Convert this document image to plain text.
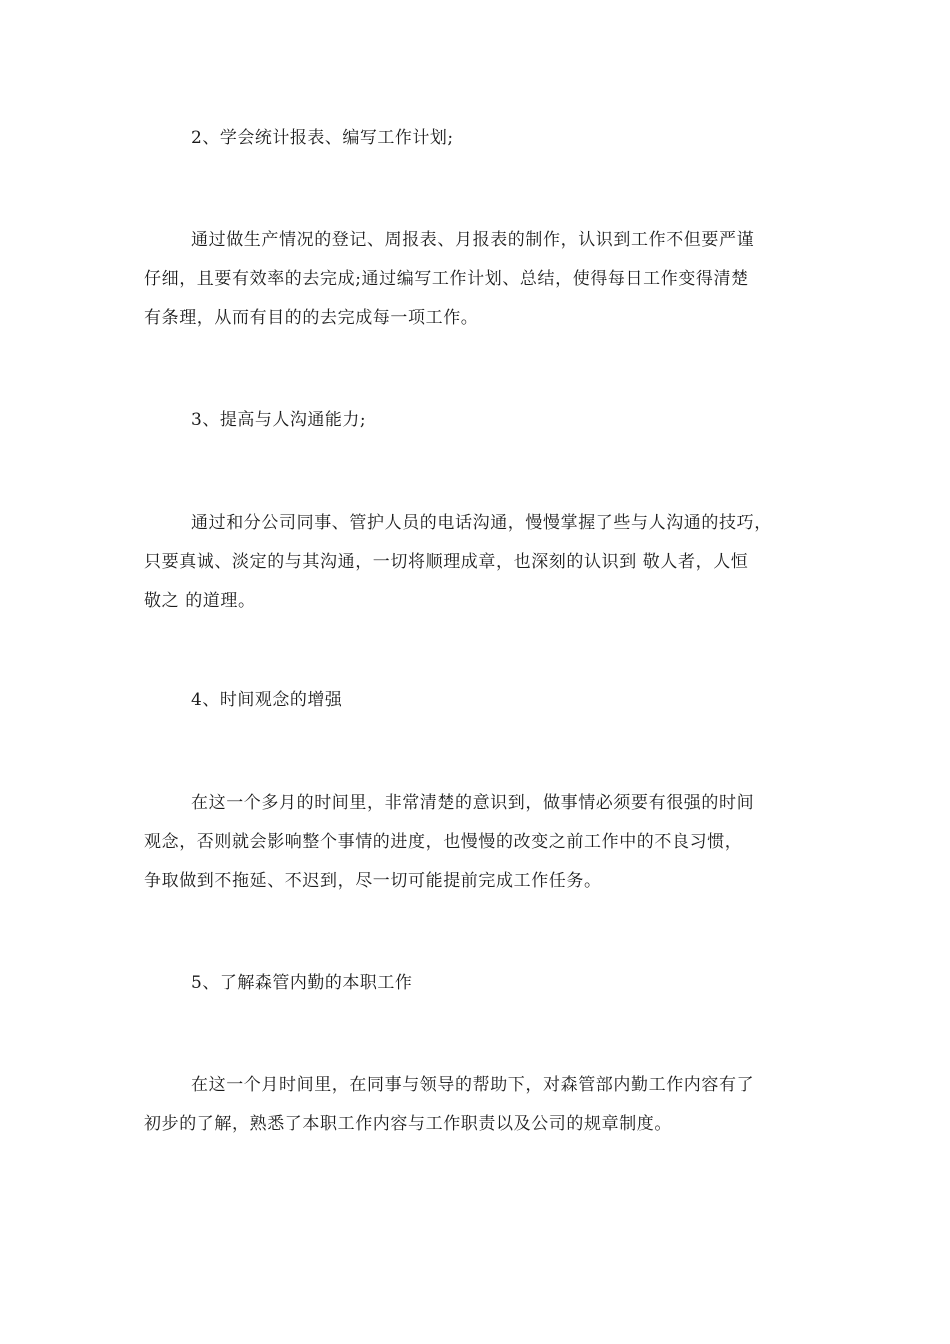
2、学会统计报表、编写工作计划;
通过做生产情况的登记、周报表、月报表的制作，认识到工作不但要严谨
仔细，且要有效率的去完成;通过编写工作计划、总结，使得每日工作变得清楚
有条理，从而有目的的去完成每一项工作。
3、提高与人沟通能力;
通过和分公司同事、管护人员的电话沟通，慢慢掌握了些与人沟通的技巧，
只要真诚、淡定的与其沟通，一切将顺理成章，也深刻的认识到 敬人者，人恒
敬之 的道理。
4、时间观念的增强
在这一个多月的时间里，非常清楚的意识到，做事情必须要有很强的时间
观念，否则就会影响整个事情的进度，也慢慢的改变之前工作中的不良习惯，
争取做到不拖延、不迟到，尽一切可能提前完成工作任务。
5、了解森管内勤的本职工作
在这一个月时间里，在同事与领导的帮助下，对森管部内勤工作内容有了
初步的了解，熟悉了本职工作内容与工作职责以及公司的规章制度。
